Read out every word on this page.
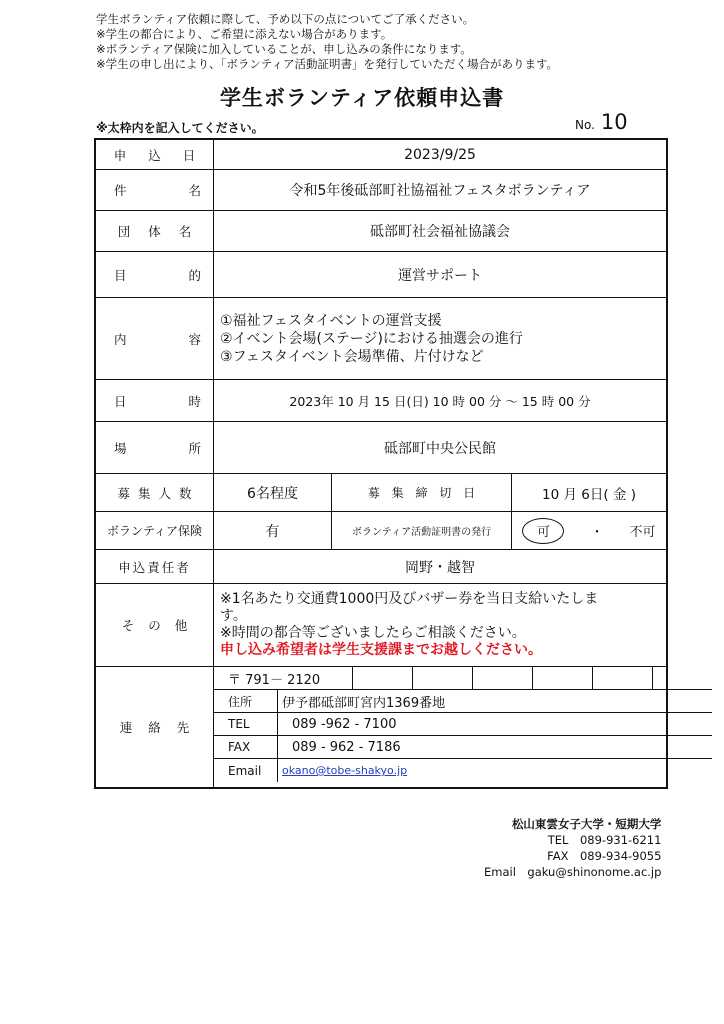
学生ボランティア依頼に際して、予め以下の点についてご了承ください。
※学生の都合により、ご希望に添えない場合があります。
※ボランティア保険に加入していることが、申し込みの条件になります。
※学生の申し出により、「ボランティア活動証明書」を発行していただく場合があります。
学生ボランティア依頼申込書
※太枠内を記入してください。	No. 10
申 込 日	2023/9/25
件	名	令和5年後砥部町社協福祉フェスタボランティア
団 体 名	砥部町社会福祉協議会
目	的	運営サポート
内	容
①福祉フェスタイベントの運営支援
②イベント会場(ステージ)における抽選会の進行
③フェスタイベント会場準備、片付けなど
日	時	2023年 10 月 15 日(日) 10 時 00 分 ～ 15 時 00 分
場	所	砥部町中央公民館
募 集 人 数	6名程度	募 集 締 切 日	10 月 6日( 金 )
ボランティア保険	有	ボランティア活動証明書の発行	可	・ 不可
申込責任者	岡野・越智
そ の 他
※1名あたり交通費1000円及びバザー券を当日支給いたしま
す。
※時間の都合等ございましたらご相談ください。
申し込み希望者は学生支援課までお越しください。
連 絡 先
〒 791－ 2120
住所	伊予郡砥部町宮内1369番地
TEL	089 -962 - 7100
FAX	089 - 962 - 7186
Email	okano@tobe-shakyo.jp
松山東雲女子大学・短期大学
TEL　089-931-6211
FAX　089-934-9055
Email　gaku@shinonome.ac.jp
